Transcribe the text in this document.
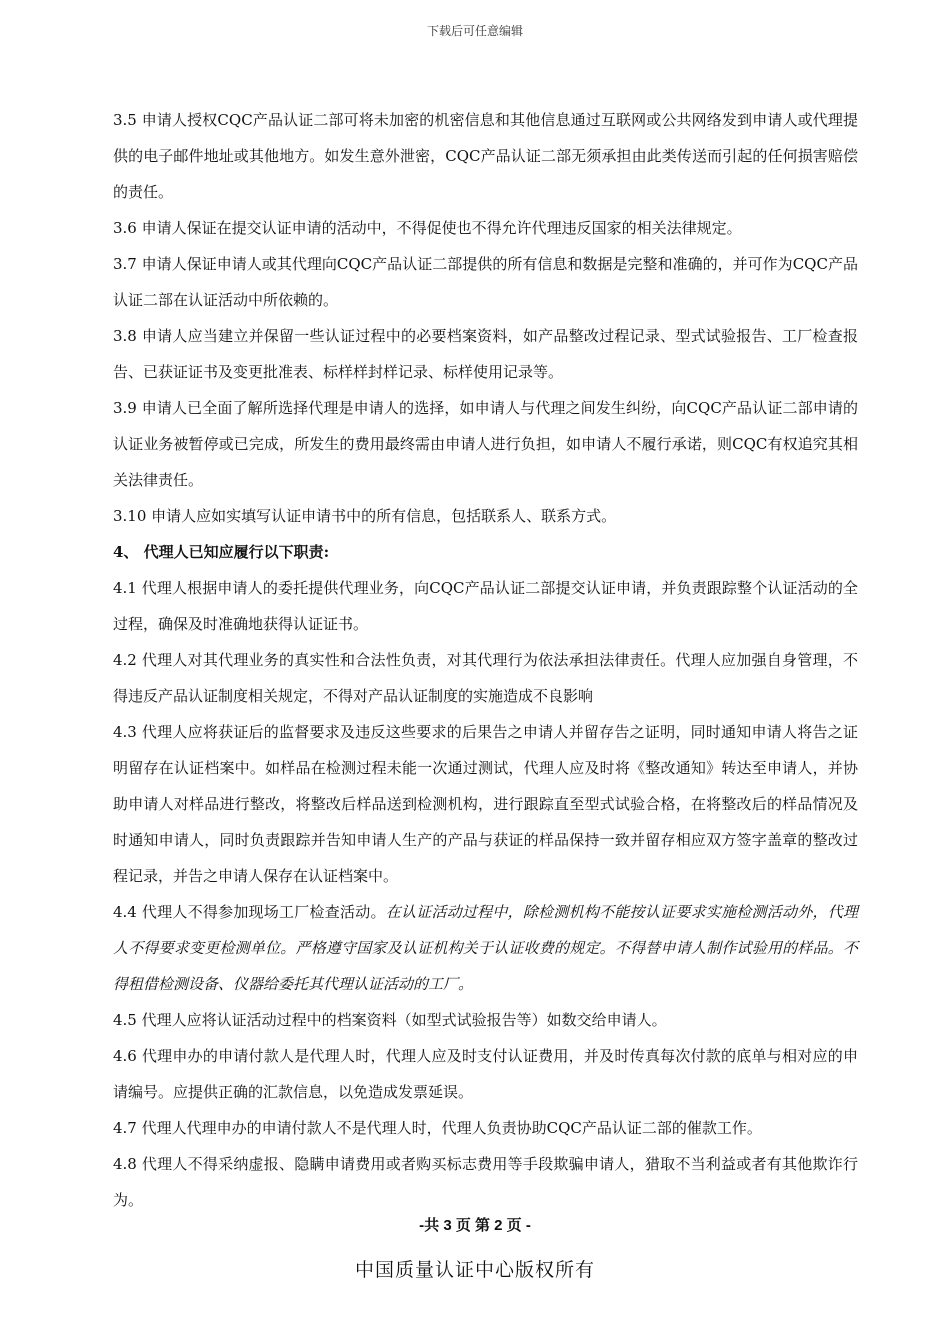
下载后可任意编辑

3.5 申请人授权CQC产品认证二部可将未加密的机密信息和其他信息通过互联网或公共网络发到申请人或代理提供的电子邮件地址或其他地方。如发生意外泄密，CQC产品认证二部无须承担由此类传送而引起的任何损害赔偿的责任。

3.6 申请人保证在提交认证申请的活动中，不得促使也不得允许代理违反国家的相关法律规定。

3.7 申请人保证申请人或其代理向CQC产品认证二部提供的所有信息和数据是完整和准确的，并可作为CQC产品认证二部在认证活动中所依赖的。

3.8 申请人应当建立并保留一些认证过程中的必要档案资料，如产品整改过程记录、型式试验报告、工厂检查报告、已获证证书及变更批准表、标样样封样记录、标样使用记录等。

3.9 申请人已全面了解所选择代理是申请人的选择，如申请人与代理之间发生纠纷，向CQC产品认证二部申请的认证业务被暂停或已完成，所发生的费用最终需由申请人进行负担，如申请人不履行承诺，则CQC有权追究其相关法律责任。

3.10 申请人应如实填写认证申请书中的所有信息，包括联系人、联系方式。

4、 代理人已知应履行以下职责:

4.1 代理人根据申请人的委托提供代理业务，向CQC产品认证二部提交认证申请，并负责跟踪整个认证活动的全过程，确保及时准确地获得认证证书。

4.2 代理人对其代理业务的真实性和合法性负责，对其代理行为依法承担法律责任。代理人应加强自身管理，不得违反产品认证制度相关规定，不得对产品认证制度的实施造成不良影响

4.3 代理人应将获证后的监督要求及违反这些要求的后果告之申请人并留存告之证明，同时通知申请人将告之证明留存在认证档案中。如样品在检测过程未能一次通过测试，代理人应及时将《整改通知》转达至申请人，并协助申请人对样品进行整改，将整改后样品送到检测机构，进行跟踪直至型式试验合格，在将整改后的样品情况及时通知申请人，同时负责跟踪并告知申请人生产的产品与获证的样品保持一致并留存相应双方签字盖章的整改过程记录，并告之申请人保存在认证档案中。

4.4 代理人不得参加现场工厂检查活动。在认证活动过程中，除检测机构不能按认证要求实施检测活动外，代理人不得要求变更检测单位。严格遵守国家及认证机构关于认证收费的规定。不得替申请人制作试验用的样品。不得租借检测设备、仪器给委托其代理认证活动的工厂。

4.5 代理人应将认证活动过程中的档案资料（如型式试验报告等）如数交给申请人。

4.6 代理申办的申请付款人是代理人时，代理人应及时支付认证费用，并及时传真每次付款的底单与相对应的申请编号。应提供正确的汇款信息，以免造成发票延误。

4.7 代理人代理申办的申请付款人不是代理人时，代理人负责协助CQC产品认证二部的催款工作。

4.8 代理人不得采纳虚报、隐瞒申请费用或者购买标志费用等手段欺骗申请人，猎取不当利益或者有其他欺诈行为。

-共 3 页 第 2 页 -
中国质量认证中心版权所有
